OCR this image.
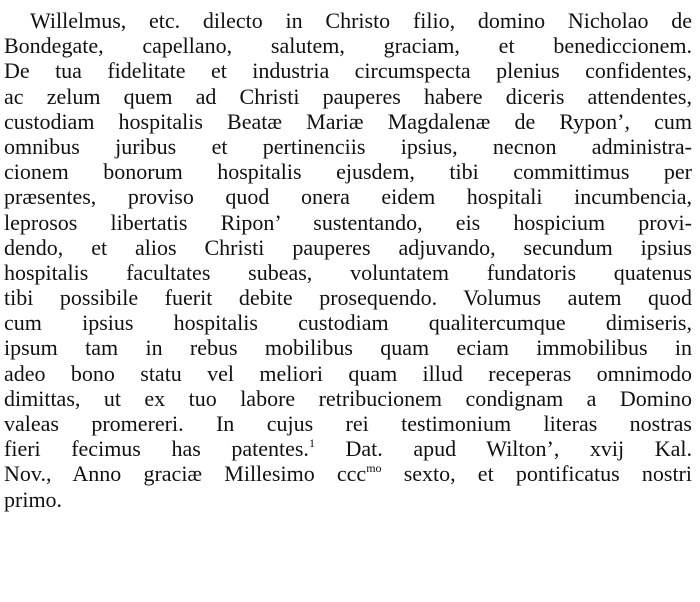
Willelmus, etc. dilecto in Christo filio, domino Nicholao de
Bondegate, capellano, salutem, graciam, et benediccionem.
De tua fidelitate et industria circumspecta plenius confidentes,
ac zelum quem ad Christi pauperes habere diceris attendentes,
custodiam hospitalis Beatæ Mariæ Magdalenæ de Rypon’, cum
omnibus juribus et pertinenciis ipsius, necnon administra-
cionem bonorum hospitalis ejusdem, tibi committimus per
præsentes, proviso quod onera eidem hospitali incumbencia,
leprosos libertatis Ripon’ sustentando, eis hospicium provi-
dendo, et alios Christi pauperes adjuvando, secundum ipsius
hospitalis facultates subeas, voluntatem fundatoris quatenus
tibi possibile fuerit debite prosequendo. Volumus autem quod
cum ipsius hospitalis custodiam qualitercumque dimiseris,
ipsum tam in rebus mobilibus quam eciam immobilibus in
adeo bono statu vel meliori quam illud receperas omnimodo
dimittas, ut ex tuo labore retribucionem condignam a Domino
valeas promereri. In cujus rei testimonium literas nostras
fieri fecimus has patentes.$^1$ Dat. apud Wilton’, xvij Kal.
Nov., Anno graciæ Millesimo ccc$^{mo}$ sexto, et pontificatus nostri
primo.
